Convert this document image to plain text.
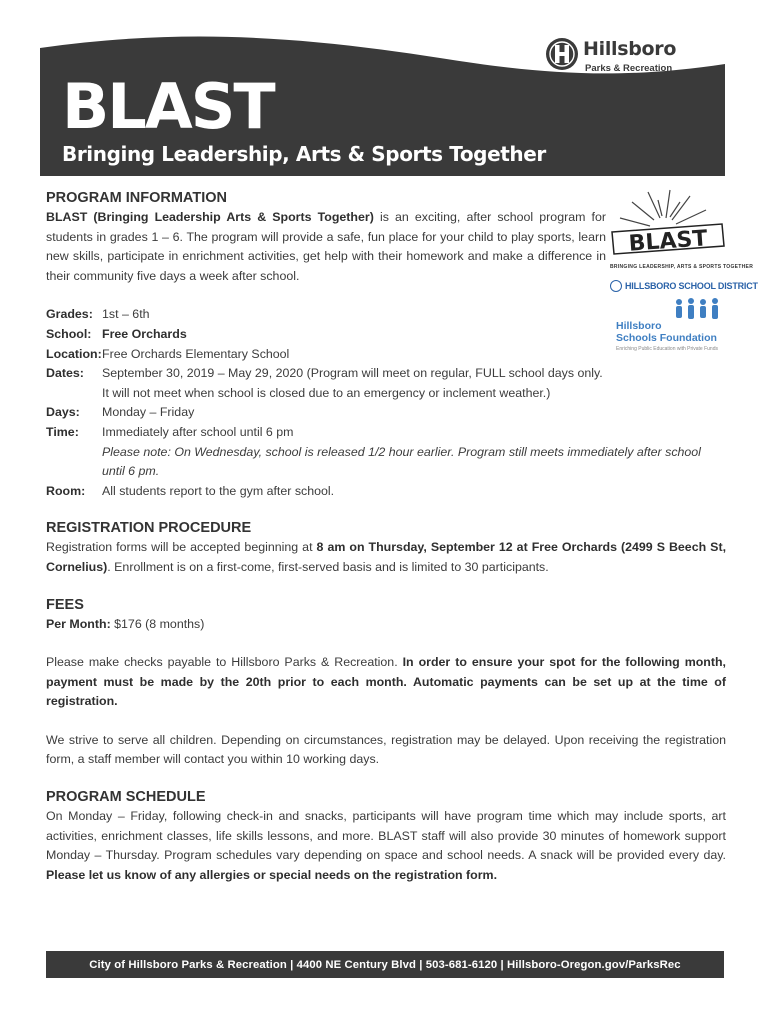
Hillsboro
Parks & Recreation
BLAST
Bringing Leadership, Arts & Sports Together
BLAST
BRINGING LEADERSHIP, ARTS & SPORTS TOGETHER
HILLSBORO SCHOOL DISTRICT
Hillsboro
Schools Foundation
Enriching Public Education with Private Funds
PROGRAM INFORMATION

BLAST (Bringing Leadership Arts & Sports Together) is an exciting, after school program for students in grades 1 – 6. The program will provide a safe, fun place for your child to play sports, learn new skills, participate in enrichment activities, get help with their homework and make a difference in their community five days a week after school.

Grades: 1st – 6th
School: Free Orchards
Location: Free Orchards Elementary School
Dates:	September 30, 2019 – May 29, 2020 (Program will meet on regular, FULL school days only. It will not meet when school is closed due to an emergency or inclement weather.)
Days:	Monday – Friday
Time:	Immediately after school until 6 pm
Please note: On Wednesday, school is released 1/2 hour earlier. Program still meets immediately after school until 6 pm.
Room:	All students report to the gym after school.
REGISTRATION PROCEDURE

Registration forms will be accepted beginning at 8 am on Thursday, September 12 at Free Orchards (2499 S Beech St, Cornelius). Enrollment is on a first-come, first-served basis and is limited to 30 participants.

FEES

Per Month: $176 (8 months)

Please make checks payable to Hillsboro Parks & Recreation. In order to ensure your spot for the following month, payment must be made by the 20th prior to each month. Automatic payments can be set up at the time of registration.

We strive to serve all children. Depending on circumstances, registration may be delayed. Upon receiving the registration form, a staff member will contact you within 10 working days.

PROGRAM SCHEDULE

On Monday – Friday, following check-in and snacks, participants will have program time which may include sports, art activities, enrichment classes, life skills lessons, and more. BLAST staff will also provide 30 minutes of homework support Monday – Thursday. Program schedules vary depending on space and school needs. A snack will be provided every day. Please let us know of any allergies or special needs on the registration form.

City of Hillsboro Parks & Recreation | 4400 NE Century Blvd | 503-681-6120 | Hillsboro-Oregon.gov/ParksRec
